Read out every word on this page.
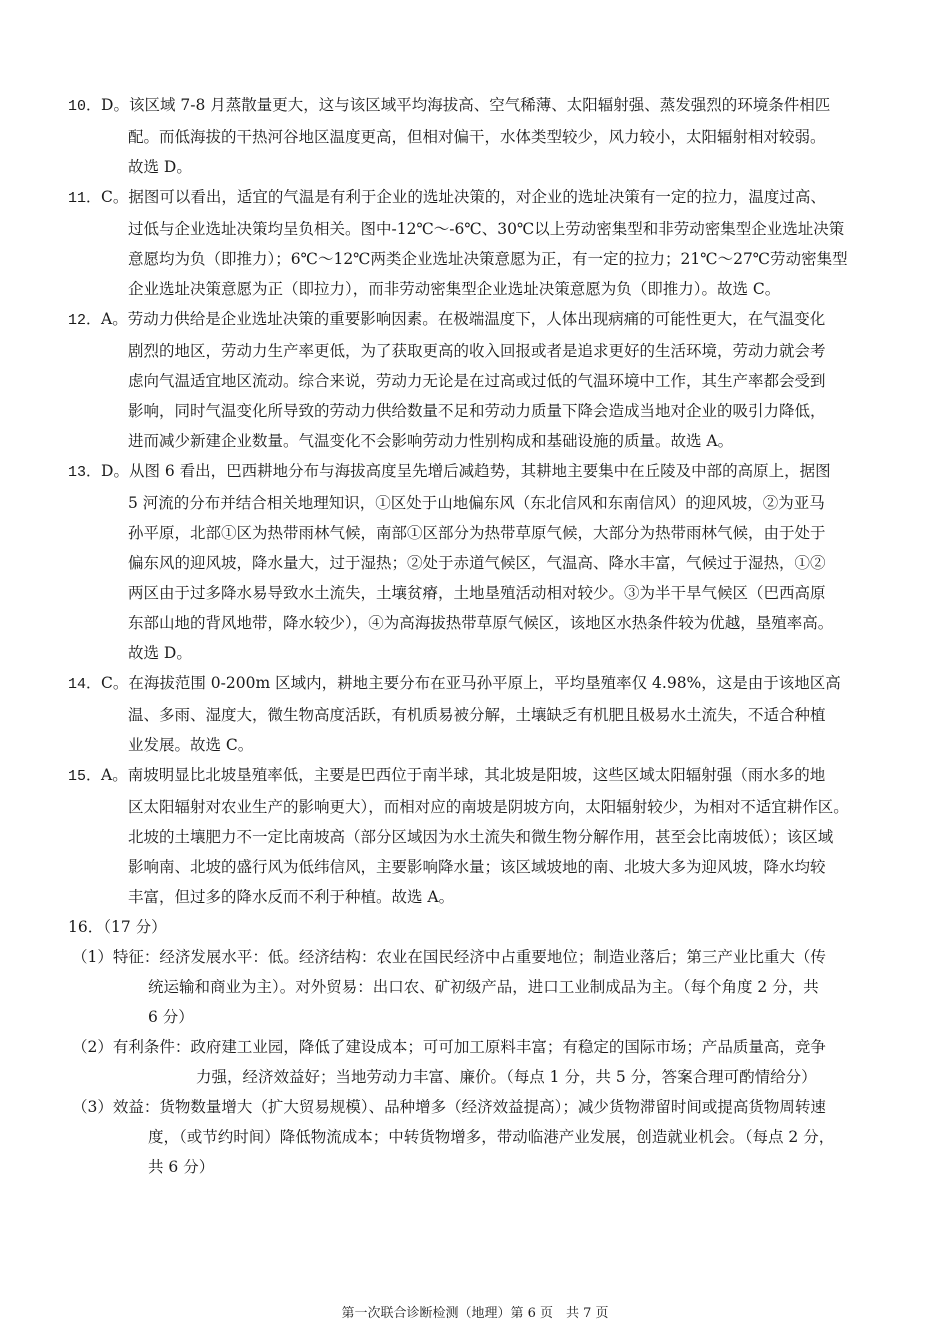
10．D。该区域 7-8 月蒸散量更大，这与该区域平均海拔高、空气稀薄、太阳辐射强、蒸发强烈的环境条件相匹
配。而低海拔的干热河谷地区温度更高，但相对偏干，水体类型较少，风力较小，太阳辐射相对较弱。
故选 D。
11．C。据图可以看出，适宜的气温是有利于企业的选址决策的，对企业的选址决策有一定的拉力，温度过高、
过低与企业选址决策均呈负相关。图中-12℃～-6℃、30℃以上劳动密集型和非劳动密集型企业选址决策
意愿均为负（即推力）；6℃～12℃两类企业选址决策意愿为正，有一定的拉力；21℃～27℃劳动密集型
企业选址决策意愿为正（即拉力），而非劳动密集型企业选址决策意愿为负（即推力）。故选 C。
12．A。劳动力供给是企业选址决策的重要影响因素。在极端温度下，人体出现病痛的可能性更大，在气温变化
剧烈的地区，劳动力生产率更低，为了获取更高的收入回报或者是追求更好的生活环境，劳动力就会考
虑向气温适宜地区流动。综合来说，劳动力无论是在过高或过低的气温环境中工作，其生产率都会受到
影响，同时气温变化所导致的劳动力供给数量不足和劳动力质量下降会造成当地对企业的吸引力降低，
进而减少新建企业数量。气温变化不会影响劳动力性别构成和基础设施的质量。故选 A。
13．D。从图 6 看出，巴西耕地分布与海拔高度呈先增后减趋势，其耕地主要集中在丘陵及中部的高原上，据图
5 河流的分布并结合相关地理知识，①区处于山地偏东风（东北信风和东南信风）的迎风坡，②为亚马
孙平原，北部①区为热带雨林气候，南部①区部分为热带草原气候，大部分为热带雨林气候，由于处于
偏东风的迎风坡，降水量大，过于湿热；②处于赤道气候区，气温高、降水丰富，气候过于湿热，①②
两区由于过多降水易导致水土流失，土壤贫瘠，土地垦殖活动相对较少。③为半干旱气候区（巴西高原
东部山地的背风地带，降水较少），④为高海拔热带草原气候区，该地区水热条件较为优越，垦殖率高。
故选 D。
14．C。在海拔范围 0-200m 区域内，耕地主要分布在亚马孙平原上，平均垦殖率仅 4.98%，这是由于该地区高
温、多雨、湿度大，微生物高度活跃，有机质易被分解，土壤缺乏有机肥且极易水土流失，不适合种植
业发展。故选 C。
15．A。南坡明显比北坡垦殖率低，主要是巴西位于南半球，其北坡是阳坡，这些区域太阳辐射强（雨水多的地
区太阳辐射对农业生产的影响更大），而相对应的南坡是阴坡方向，太阳辐射较少，为相对不适宜耕作区。
北坡的土壤肥力不一定比南坡高（部分区域因为水土流失和微生物分解作用，甚至会比南坡低）；该区域
影响南、北坡的盛行风为低纬信风，主要影响降水量；该区域坡地的南、北坡大多为迎风坡，降水均较
丰富，但过多的降水反而不利于种植。故选 A。
16．（17 分）
（1）特征：经济发展水平：低。经济结构：农业在国民经济中占重要地位；制造业落后；第三产业比重大（传
统运输和商业为主）。对外贸易：出口农、矿初级产品，进口工业制成品为主。（每个角度 2 分，共
6 分）
（2）有利条件：政府建工业园，降低了建设成本；可可加工原料丰富；有稳定的国际市场；产品质量高，竞争
力强，经济效益好；当地劳动力丰富、廉价。（每点 1 分，共 5 分，答案合理可酌情给分）
（3）效益：货物数量增大（扩大贸易规模）、品种增多（经济效益提高）；减少货物滞留时间或提高货物周转速
度，（或节约时间）降低物流成本；中转货物增多，带动临港产业发展，创造就业机会。（每点 2 分，
共 6 分）
第一次联合诊断检测（地理）第 6 页　共 7 页
